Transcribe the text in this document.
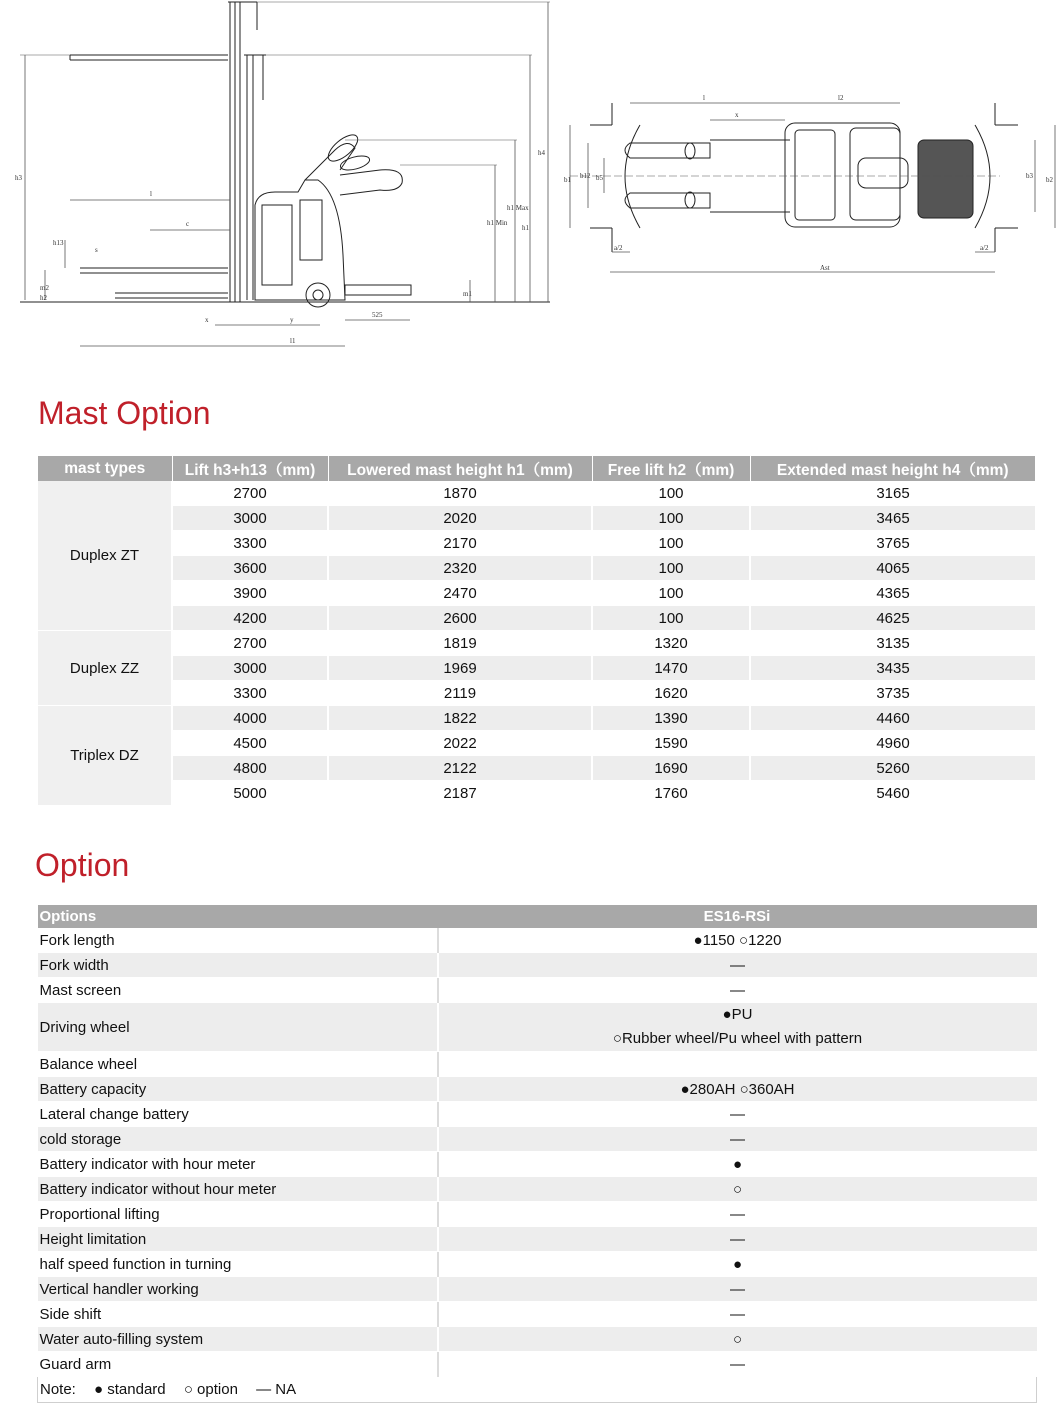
h3
h4
h13
h1
h2
h1 Max
h1 Min
l
c
x	y
l1
s
525
m1
m2
l	l2
x
b1	b2
b3
b5
b12
a/2	a/2
Ast
Mast Option
mast types	Lift h3+h13（mm)	Lowered mast height h1（mm)	Free lift h2（mm)	Extended mast height h4（mm)
Duplex ZT	2700	1870	100	3165
	3000	2020	100	3465
	3300	2170	100	3765
	3600	2320	100	4065
	3900	2470	100	4365
	4200	2600	100	4625
Duplex ZZ	2700	1819	1320	3135
	3000	1969	1470	3435
	3300	2119	1620	3735
Triplex DZ	4000	1822	1390	4460
	4500	2022	1590	4960
	4800	2122	1690	5260
	5000	2187	1760	5460
Option
Options	ES16-RSi
Fork length	●1150 ○1220
Fork width	—
Mast screen	—
Driving wheel	●PU
○Rubber wheel/Pu wheel with pattern

Balance wheel	
Battery capacity	●280AH ○360AH
Lateral change battery	—
cold storage	—
Battery indicator with hour meter	●
Battery indicator without hour meter	○
Proportional lifting	—
Height limitation	—
half speed function in turning	●
Vertical handler working	—
Side shift	—
Water auto-filling system	○
Guard arm	—
Note: ● standard ○ option — NA	
